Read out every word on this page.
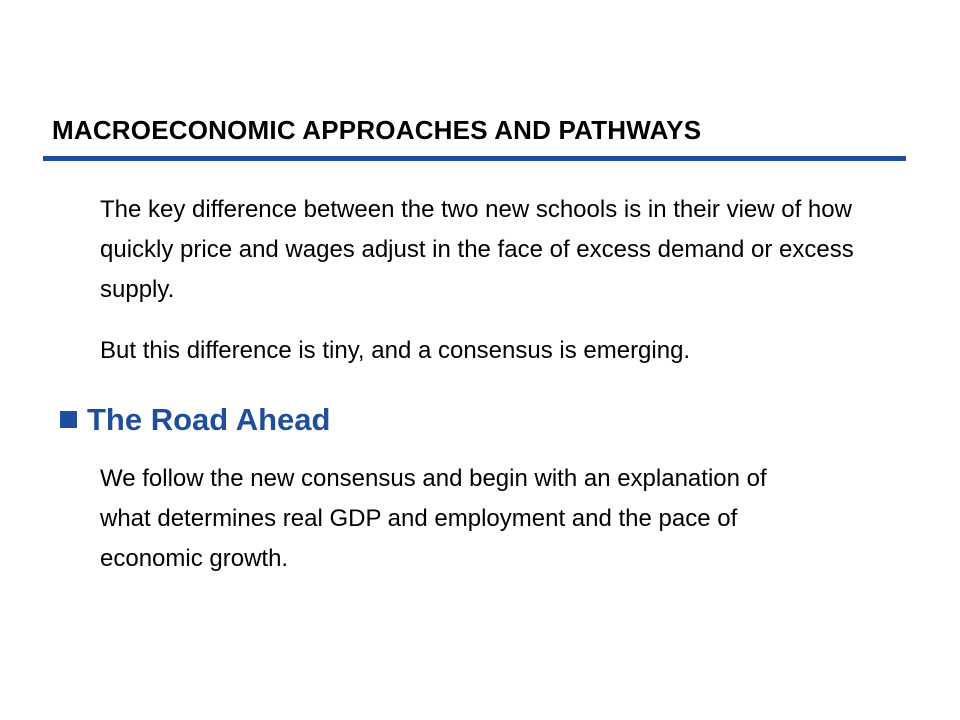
MACROECONOMIC APPROACHES AND PATHWAYS

The key difference between the two new schools is in their view of how quickly price and wages adjust in the face of excess demand or excess supply.

But this difference is tiny, and a consensus is emerging.

The Road Ahead

We follow the new consensus and begin with an explanation of what determines real GDP and employment and the pace of economic growth.
